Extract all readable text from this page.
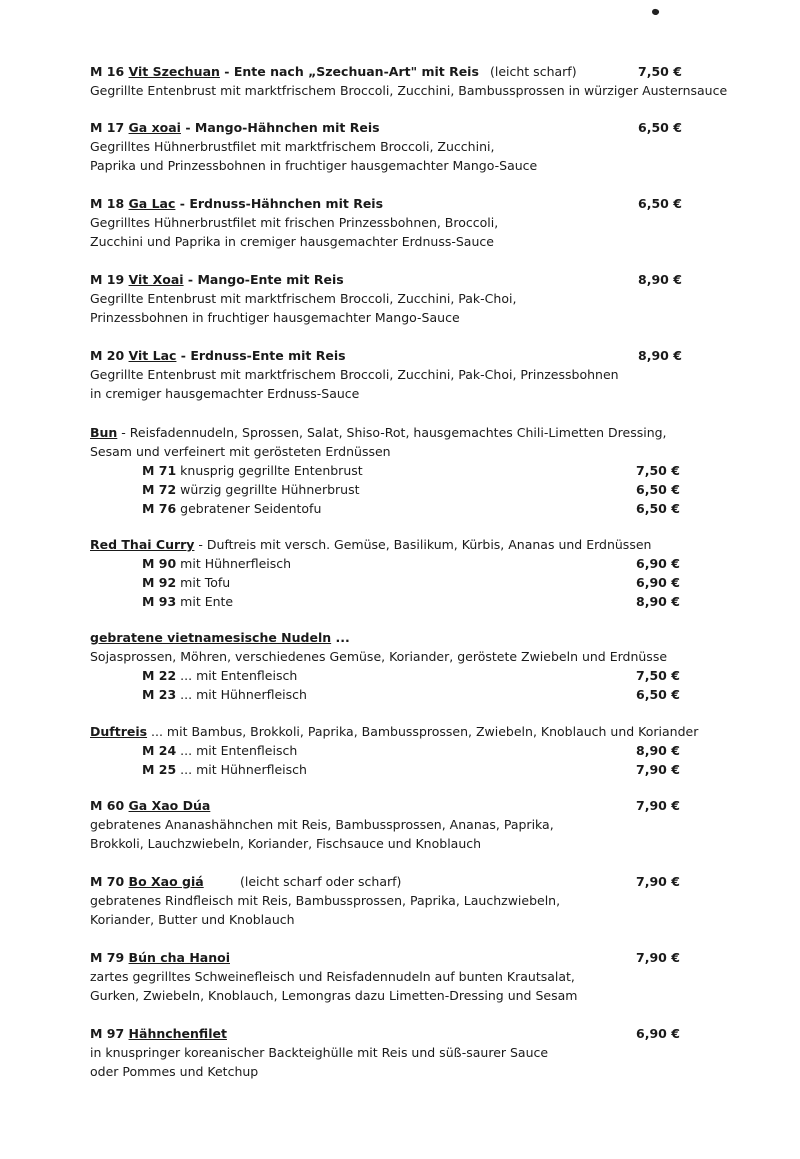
M 16 Vit Szechuan - Ente nach „Szechuan-Art" mit Reis (leicht scharf)	7,50 €
Gegrillte Entenbrust mit marktfrischem Broccoli, Zucchini, Bambussprossen in würziger Austernsauce
M 17 Ga xoai - Mango-Hähnchen mit Reis	6,50 €
Gegrilltes Hühnerbrustfilet mit marktfrischem Broccoli, Zucchini,
Paprika und Prinzessbohnen in fruchtiger hausgemachter Mango-Sauce
M 18 Ga Lac - Erdnuss-Hähnchen mit Reis	6,50 €
Gegrilltes Hühnerbrustfilet mit frischen Prinzessbohnen, Broccoli,
Zucchini und Paprika in cremiger hausgemachter Erdnuss-Sauce
M 19 Vit Xoai - Mango-Ente mit Reis	8,90 €
Gegrillte Entenbrust mit marktfrischem Broccoli, Zucchini, Pak-Choi,
Prinzessbohnen in fruchtiger hausgemachter Mango-Sauce
M 20 Vit Lac - Erdnuss-Ente mit Reis	8,90 €
Gegrillte Entenbrust mit marktfrischem Broccoli, Zucchini, Pak-Choi, Prinzessbohnen
in cremiger hausgemachter Erdnuss-Sauce
Bun - Reisfadennudeln, Sprossen, Salat, Shiso-Rot, hausgemachtes Chili-Limetten Dressing,
Sesam und verfeinert mit gerösteten Erdnüssen
M 71 knusprig gegrillte Entenbrust	7,50 €
M 72 würzig gegrillte Hühnerbrust	6,50 €
M 76 gebratener Seidentofu	6,50 €
Red Thai Curry - Duftreis mit versch. Gemüse, Basilikum, Kürbis, Ananas und Erdnüssen
M 90 mit Hühnerfleisch	6,90 €
M 92 mit Tofu	6,90 €
M 93 mit Ente	8,90 €
gebratene vietnamesische Nudeln ...
Sojasprossen, Möhren, verschiedenes Gemüse, Koriander, geröstete Zwiebeln und Erdnüsse
M 22 ... mit Entenfleisch	7,50 €
M 23 ... mit Hühnerfleisch	6,50 €
Duftreis ... mit Bambus, Brokkoli, Paprika, Bambussprossen, Zwiebeln, Knoblauch und Koriander
M 24 ... mit Entenfleisch	8,90 €
M 25 ... mit Hühnerfleisch	7,90 €
M 60 Ga Xao Dúa	7,90 €
gebratenes Ananashähnchen mit Reis, Bambussprossen, Ananas, Paprika,
Brokkoli, Lauchzwiebeln, Koriander, Fischsauce und Knoblauch
M 70 Bo Xao giá	(leicht scharf oder scharf)	7,90 €
gebratenes Rindfleisch mit Reis, Bambussprossen, Paprika, Lauchzwiebeln,
Koriander, Butter und Knoblauch
M 79 Bún cha Hanoi	7,90 €
zartes gegrilltes Schweinefleisch und Reisfadennudeln auf bunten Krautsalat,
Gurken, Zwiebeln, Knoblauch, Lemongras dazu Limetten-Dressing und Sesam
M 97 Hähnchenfilet	6,90 €
in knuspringer koreanischer Backteighülle mit Reis und süß-saurer Sauce
oder Pommes und Ketchup
